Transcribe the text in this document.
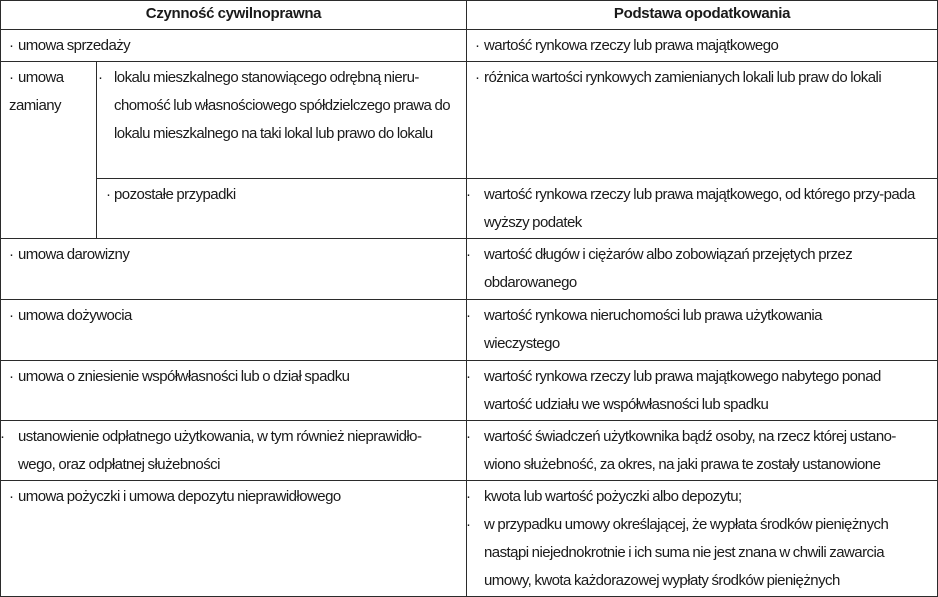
Czynność cywilnoprawna		Podstawa opodatkowania
· umowa sprzedaży		· wartość rynkowa rzeczy lub prawa majątkowego

· umowa zamiany	· lokalu mieszkalnego stanowiącego odrębną nieru-chomość lub własnościowego spółdzielczego prawa do lokalu mieszkalnego na taki lokal lub prawo do lokalu	· różnica wartości rynkowych zamienianych lokali lub praw do lokali
	· pozostałe przypadki	· wartość rynkowa rzeczy lub prawa majątkowego, od którego przy-pada wyższy podatek

· umowa darowizny		· wartość długów i ciężarów albo zobowiązań przejętych przez obdarowanego

· umowa dożywocia		· wartość rynkowa nieruchomości lub prawa użytkowania wieczystego

· umowa o zniesienie współwłasności lub o dział spadku		· wartość rynkowa rzeczy lub prawa majątkowego nabytego ponad wartość udziału we współwłasności lub spadku

· ustanowienie odpłatnego użytkowania, w tym również nieprawidło-wego, oraz odpłatnej służebności		· wartość świadczeń użytkownika bądź osoby, na rzecz której ustano-wiono służebność, za okres, na jaki prawa te zostały ustanowione

· umowa pożyczki i umowa depozytu nieprawidłowego		· kwota lub wartość pożyczki albo depozytu;
· w przypadku umowy określającej, że wypłata środków pieniężnych nastąpi niejednokrotnie i ich suma nie jest znana w chwili zawarcia umowy, kwota każdorazowej wypłaty środków pieniężnych
